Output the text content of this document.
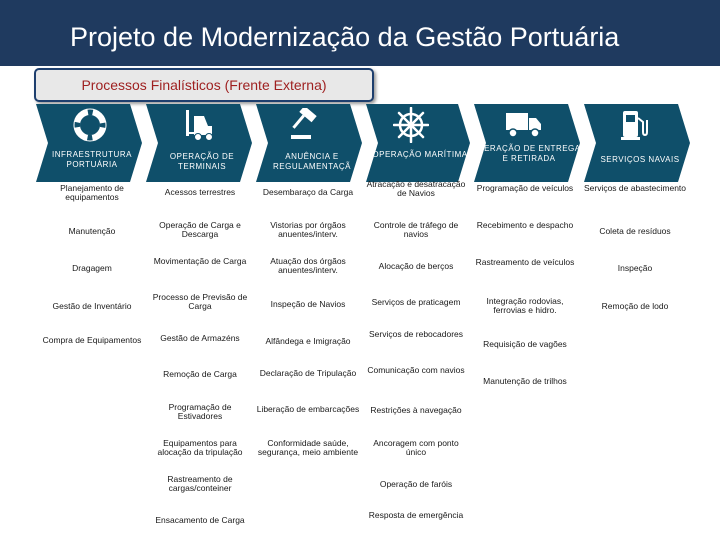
Projeto de Modernização da Gestão Portuária
Processos Finalísticos (Frente Externa)
INFRAESTRUTURA PORTUÁRIA
OPERAÇÃO DE TERMINAIS
ANUÊNCIA E REGULAMENTAÇÃ
OPERAÇÃO MARÍTIMA
OERAÇÃO DE ENTREGA E RETIRADA	SERVIÇOS NAVAIS
Planejamento de equipamentos
Manutenção
Dragagem
Gestão de Inventário
Compra de Equipamentos
Acessos terrestres
Operação de Carga e Descarga
Movimentação de Carga
Processo de Previsão de Carga
Gestão de Armazéns
Remoção de Carga
Programação de Estivadores
Equipamentos para alocação da tripulação
Rastreamento de cargas/conteiner
Ensacamento de Carga
Desembaraço da Carga
Vistorias por órgãos anuentes/interv.
Atuação dos órgãos anuentes/interv.
Inspeção de Navios
Alfândega e Imigração
Declaração de Tripulação
Liberação de embarcações
Conformidade saúde, segurança, meio ambiente
Atracação e desatracação de Navios
Controle de tráfego de navios
Alocação de berços
Serviços de praticagem
Serviços de rebocadores
Comunicação com navios
Restrições à navegação
Ancoragem com ponto único
Operação de faróis
Resposta de emergência
Programação de veículos
Recebimento e despacho
Rastreamento de veículos
Integração rodovias, ferrovias e hidro.
Requisição de vagões
Manutenção de trilhos
Serviços de abastecimento
Coleta de resíduos
Inspeção
Remoção de lodo
